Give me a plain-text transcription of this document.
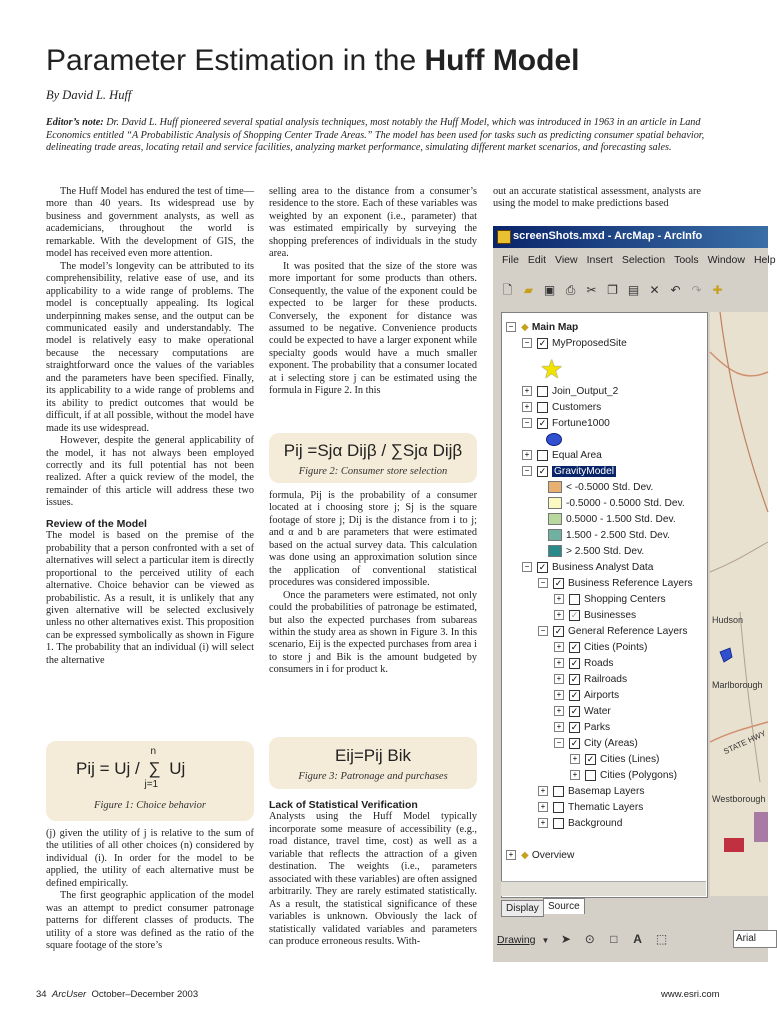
Parameter Estimation in the Huff Model
By David L. Huff
Editor’s note: Dr. David L. Huff pioneered several spatial analysis techniques, most notably the Huff Model, which was introduced in 1963 in an article in Land Economics entitled “A Probabilistic Analysis of Shopping Center Trade Areas.” The model has been used for tasks such as predicting consumer spatial behavior, delineating trade areas, locating retail and service facilities, analyzing market performance, simulating different market scenarios, and forecasting sales.

The Huff Model has endured the test of time—more than 40 years. Its widespread use by business and government analysts, as well as academicians, throughout the world is remarkable. With the development of GIS, the model has received even more attention.

The model’s longevity can be attributed to its comprehensibility, relative ease of use, and its applicability to a wide range of problems. The model is conceptually appealing. Its logical underpinning makes sense, and the output can be communicated easily and understandably. The model is relatively easy to make operational because the necessary computations are straightforward once the values of the variables and the parameters have been specified. Finally, its applicability to a wide range of problems and its ability to predict outcomes that would be difficult, if at all possible, without the model have made its use widespread.

However, despite the general applicability of the model, it has not always been employed correctly and its full potential has not been realized. After a quick review of the model, the remainder of this article will address these two issues.

Review of the Model

The model is based on the premise of the probability that a person confronted with a set of alternatives will select a particular item is directly proportional to the perceived utility of each alternative. Choice behavior can be viewed as probabilistic. As a result, it is unlikely that any given alternative will be selected exclusively unless no other alternatives exist. This proposition can be expressed symbolically as shown in Figure 1. The probability that an individual (i) will select the alternative

Pij = Uj /
n
∑
j=1
Uj
Figure 1: Choice behavior

(j) given the utility of j is relative to the sum of the utilities of all other choices (n) considered by individual (i). In order for the model to be applied, the utility of each alternative must be defined empirically.

The first geographic application of the model was an attempt to predict consumer patronage patterns for different classes of products. The utility of a store was defined as the ratio of the square footage of the store’s

selling area to the distance from a consumer’s residence to the store. Each of these variables was weighted by an exponent (i.e., parameter) that was estimated empirically by surveying the shopping preferences of individuals in the study area.

It was posited that the size of the store was more important for some products than others. Consequently, the value of the exponent could be expected to be larger for these products. Conversely, the exponent for distance was assumed to be negative. Convenience products could be expected to have a larger exponent while specialty goods would have a much smaller exponent. The probability that a consumer located at i selecting store j can be estimated using the formula in Figure 2. In this

Pij =Sjα Dijβ / ∑Sjα Dijβ
Figure 2: Consumer store selection

formula, Pij is the probability of a consumer located at i choosing store j; Sj is the square footage of store j; Dij is the distance from i to j; and α and b are parameters that were estimated based on the actual survey data. This calculation was done using an approximation solution since the application of conventional statistical procedures was considered impossible.

Once the parameters were estimated, not only could the probabilities of patronage be estimated, but also the expected purchases from subareas within the study area as shown in Figure 3. In this scenario, Eij is the expected purchases from area i to store j and Bik is the amount budgeted by consumers in i for product k.

Eij=Pij Bik
Figure 3: Patronage and purchases
Lack of Statistical Verification

Analysts using the Huff Model typically incorporate some measure of accessibility (e.g., road distance, travel time, cost) as well as a variable that reflects the attraction of a given destination. The weights (i.e., parameters associated with these variables) are often assigned arbitrarily. They are rarely estimated statistically. As a result, the statistical significance of these variables is unknown. Obviously the lack of statistically validated variables and parameters can produce erroneous results. With-

out an accurate statistical assessment, analysts are using the model to make predictions based

screenShots.mxd - ArcMap - ArcInfo
File Edit View Insert Selection Tools Window Help
🗋 ▰ ▣ ⎙ ✂ ❐ ▤ ✕ ↶ ↷ ✚
− ◆ Main Map
− ✓ MyProposedSite
★
+ Join_Output_2
+ Customers
− ✓ Fortune1000
+ Equal Area
− ✓ GravityModel
< -0.5000 Std. Dev.
-0.5000 - 0.5000 Std. Dev.
0.5000 - 1.500 Std. Dev.
1.500 - 2.500 Std. Dev.
> 2.500 Std. Dev.
− ✓ Business Analyst Data
− ✓ Business Reference Layers
+ Shopping Centers
+ ✓ Businesses
− ✓ General Reference Layers
+ ✓ Cities (Points)
+ ✓ Roads
+ ✓ Railroads
+ ✓ Airports
+ ✓ Water
+ ✓ Parks
− ✓ City (Areas)
+ ✓ Cities (Lines)
+ Cities (Polygons)
+ Basemap Layers
+ Thematic Layers
+ Background
+ ◆ Overview
Hudson
Marlborough
Westborough
STATE HWY
Display Source
Drawing ▼ ➤ ⊙ □ A ⬚	Arial
34 ArcUser October–December 2003	www.esri.com
